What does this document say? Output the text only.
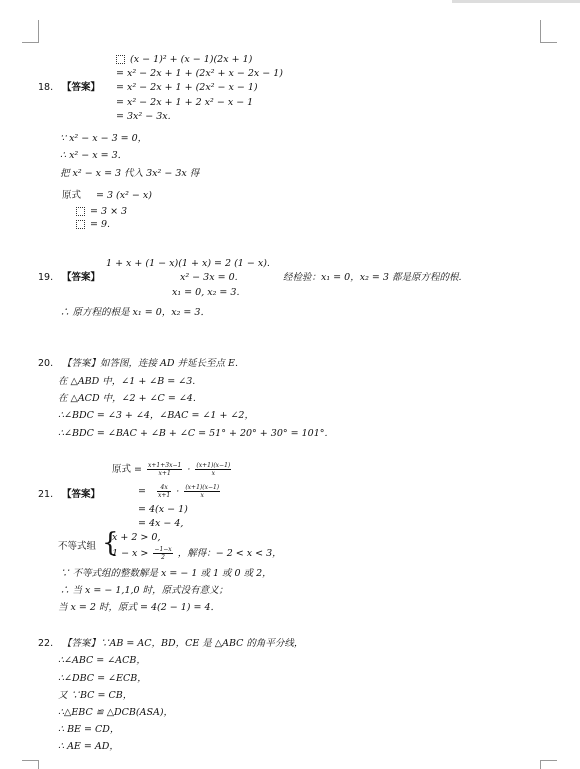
(x − 1)² + (x − 1)(2x + 1)
= x² − 2x + 1 + (2x² + x − 2x − 1)
18. 【答案】 = x² − 2x + 1 + (2x² − x − 1)
= x² − 2x + 1 + 2 x² − x − 1
= 3x² − 3x.
∵ x² − x − 3 = 0，
∴ x² − x = 3．
把 x² − x = 3 代入 3x² − 3x 得
原式 = 3 (x² − x)
= 3 × 3
= 9.
1 + x + (1 − x)(1 + x) = 2 (1 − x).
19. 【答案】	x² − 3x = 0.	经检验：x₁ = 0，x₂ = 3 都是原方程的根.
x₁ = 0, x₂ = 3.
∴ 原方程的根是 x₁ = 0，x₂ = 3．
20. 【答案】如答图，连接 AD 并延长至点 E.
在 △ABD 中，∠1 + ∠B = ∠3.
在 △ACD 中，∠2 + ∠C = ∠4.
∴∠BDC = ∠3 + ∠4，∠BAC = ∠1 + ∠2，
∴∠BDC = ∠BAC + ∠B + ∠C = 51° + 20° + 30° = 101°.
原式 = $\frac{x+1+3x-1}{x+1} \cdot \frac{(x+1)(x-1)}{x}$
21. 【答案】	= $\frac{4x}{x+1} \cdot \frac{(x+1)(x-1)}{x}$
= 4(x − 1)
= 4x − 4,
不等式组 {
x + 2 > 0,
$1 - x > \frac{-1-x}{2}$ ，解得：− 2 < x < 3，
∵ 不等式组的整数解是 x = − 1 或 1 或 0 或 2，
∴ 当 x = − 1,1,0 时，原式没有意义；
当 x = 2 时，原式 = 4(2 − 1) = 4．
22. 【答案】∵AB = AC，BD，CE 是 △ABC 的角平分线，
∴∠ABC = ∠ACB，
∴∠DBC = ∠ECB，
又 ∵BC = CB，
∴△EBC ≌ △DCB(ASA)，
∴ BE = CD，
∴ AE = AD，
